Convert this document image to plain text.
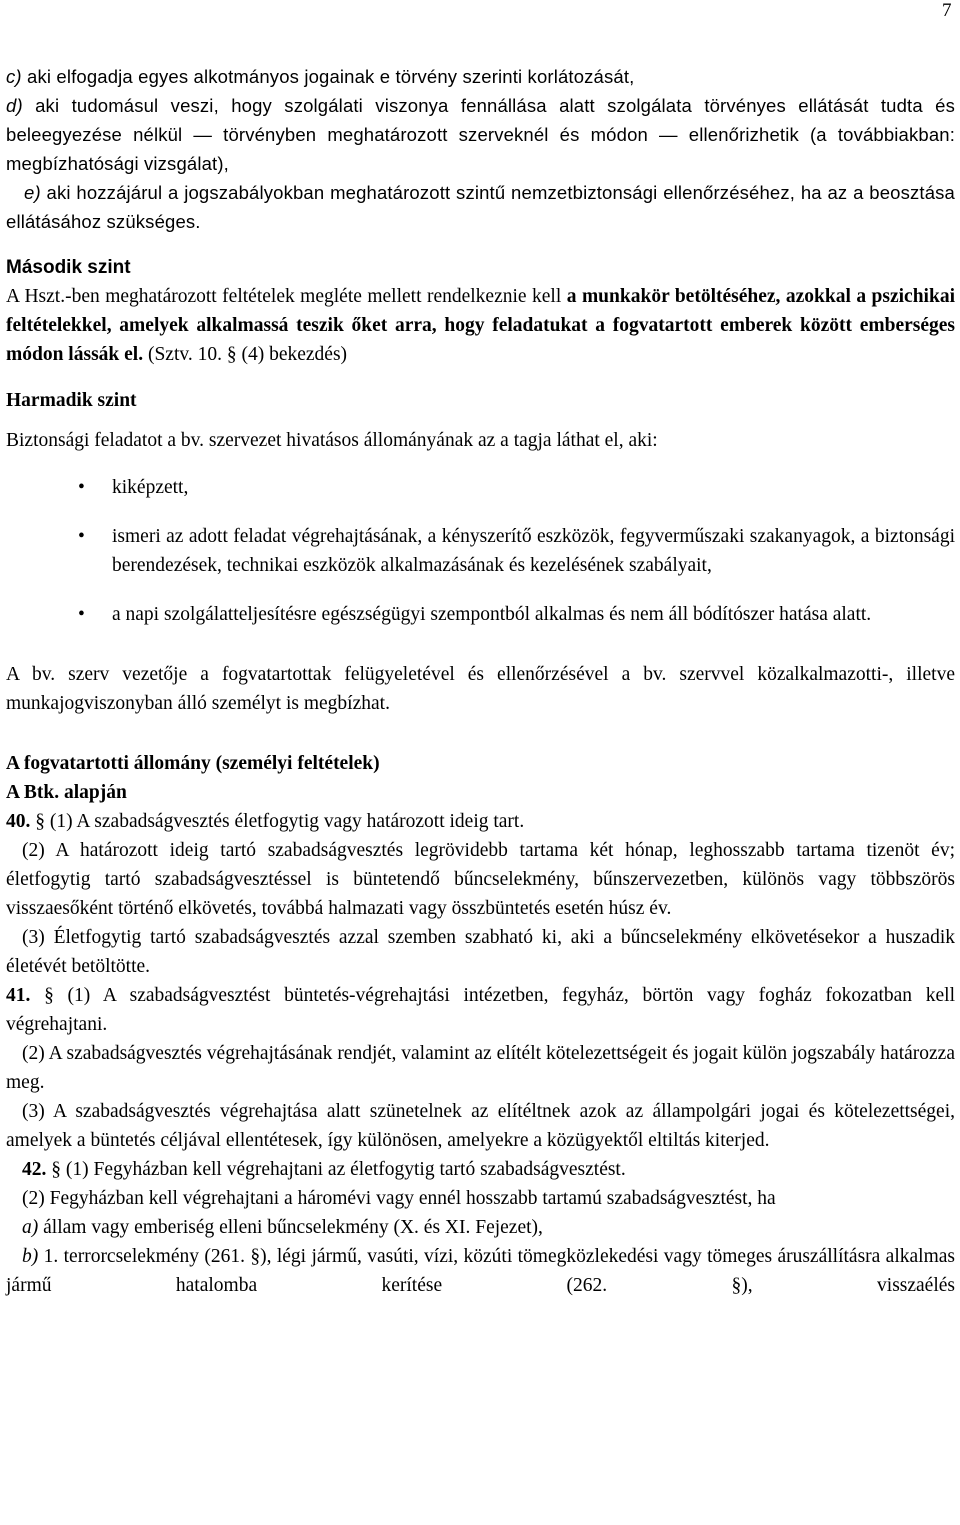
7

c) aki elfogadja egyes alkotmányos jogainak e törvény szerinti korlátozását,

d) aki tudomásul veszi, hogy szolgálati viszonya fennállása alatt szolgálata törvényes ellátását tudta és beleegyezése nélkül — törvényben meghatározott szerveknél és módon — ellenőrizhetik (a továbbiakban: megbízhatósági vizsgálat),

e) aki hozzájárul a jogszabályokban meghatározott szintű nemzetbiztonsági ellenőrzéséhez, ha az a beosztása ellátásához szükséges.

Második szint

A Hszt.-ben meghatározott feltételek megléte mellett rendelkeznie kell a munkakör betöltéséhez, azokkal a pszichikai feltételekkel, amelyek alkalmassá teszik őket arra, hogy feladatukat a fogvatartott emberek között emberséges módon lássák el. (Sztv. 10. § (4) bekezdés)

Harmadik szint

Biztonsági feladatot a bv. szervezet hivatásos állományának az a tagja láthat el, aki:

• kiképzett,
• ismeri az adott feladat végrehajtásának, a kényszerítő eszközök, fegyverműszaki szakanyagok, a biztonsági berendezések, technikai eszközök alkalmazásának és kezelésének szabályait,
• a napi szolgálatteljesítésre egészségügyi szempontból alkalmas és nem áll bódítószer hatása alatt.

A bv. szerv vezetője a fogvatartottak felügyeletével és ellenőrzésével a bv. szervvel közalkalmazotti-, illetve munkajogviszonyban álló személyt is megbízhat.

A fogvatartotti állomány (személyi feltételek)

A Btk. alapján

40. § (1) A szabadságvesztés életfogytig vagy határozott ideig tart.

(2) A határozott ideig tartó szabadságvesztés legrövidebb tartama két hónap, leghosszabb tartama tizenöt év; életfogytig tartó szabadságvesztéssel is büntetendő bűncselekmény, bűnszervezetben, különös vagy többszörös visszaesőként történő elkövetés, továbbá halmazati vagy összbüntetés esetén húsz év.

(3) Életfogytig tartó szabadságvesztés azzal szemben szabható ki, aki a bűncselekmény elkövetésekor a huszadik életévét betöltötte.

41. § (1) A szabadságvesztést büntetés-végrehajtási intézetben, fegyház, börtön vagy fogház fokozatban kell végrehajtani.

(2) A szabadságvesztés végrehajtásának rendjét, valamint az elítélt kötelezettségeit és jogait külön jogszabály határozza meg.

(3) A szabadságvesztés végrehajtása alatt szünetelnek az elítéltnek azok az állampolgári jogai és kötelezettségei, amelyek a büntetés céljával ellentétesek, így különösen, amelyekre a közügyektől eltiltás kiterjed.

42. § (1) Fegyházban kell végrehajtani az életfogytig tartó szabadságvesztést.

(2) Fegyházban kell végrehajtani a háromévi vagy ennél hosszabb tartamú szabadságvesztést, ha

a) állam vagy emberiség elleni bűncselekmény (X. és XI. Fejezet),

b) 1. terrorcselekmény (261. §), légi jármű, vasúti, vízi, közúti tömegközlekedési vagy tömeges áruszállításra alkalmas jármű hatalomba kerítése (262. §), visszaélés
